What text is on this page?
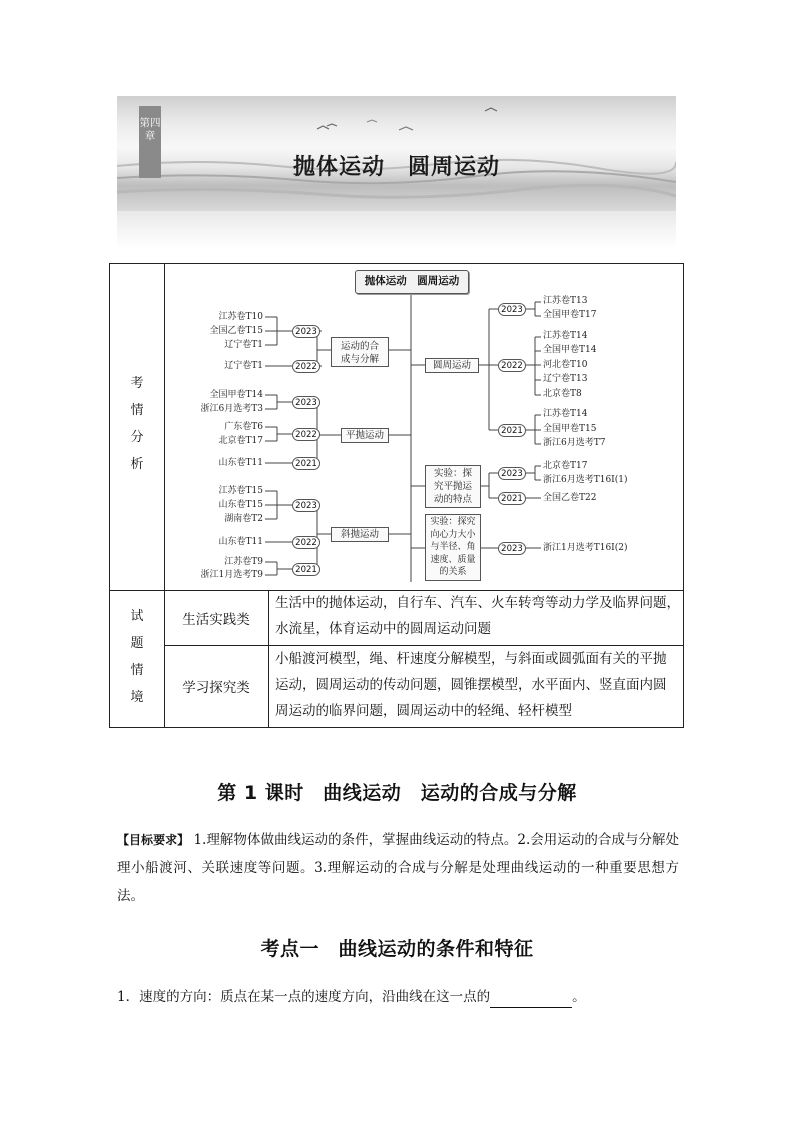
第四章
抛体运动　圆周运动
考
情
分
析
试
题
情
境
生活实践类
生活中的抛体运动，自行车、汽车、火车转弯等动力学及临界问题，
水流星，体育运动中的圆周运动问题
学习探究类
小船渡河模型，绳、杆速度分解模型，与斜面或圆弧面有关的平抛
运动，圆周运动的传动问题，圆锥摆模型，水平面内、竖直面内圆
周运动的临界问题，圆周运动中的轻绳、轻杆模型
抛体运动　圆周运动
运动的合
成与分解
平抛运动
斜抛运动
2023
2022
2023
2022
2021
2023
2022
2021
江苏卷T10
全国乙卷T15
辽宁卷T1
辽宁卷T1
全国甲卷T14
浙江6月选考T3
广东卷T6
北京卷T17
山东卷T11
江苏卷T15
山东卷T15
湖南卷T2
山东卷T11
江苏卷T9
浙江1月选考T9
圆周运动
实验：探
究平抛运
动的特点
实验：探究
向心力大小
与半径、角
速度、质量
的关系
2023
2022
2021
2023
2021
2023
江苏卷T13
全国甲卷T17
江苏卷T14
全国甲卷T14
河北卷T10
辽宁卷T13
北京卷T8
江苏卷T14
全国甲卷T15
浙江6月选考T7
北京卷T17
浙江6月选考T16Ⅰ(1)
全国乙卷T22
浙江1月选考T16Ⅰ(2)
第 1 课时　曲线运动　运动的合成与分解
【目标要求】 1.理解物体做曲线运动的条件，掌握曲线运动的特点。2.会用运动的合成与分解处理小船渡河、关联速度等问题。3.理解运动的合成与分解是处理曲线运动的一种重要思想方法。
考点一　曲线运动的条件和特征
1．速度的方向：质点在某一点的速度方向，沿曲线在这一点的	。
